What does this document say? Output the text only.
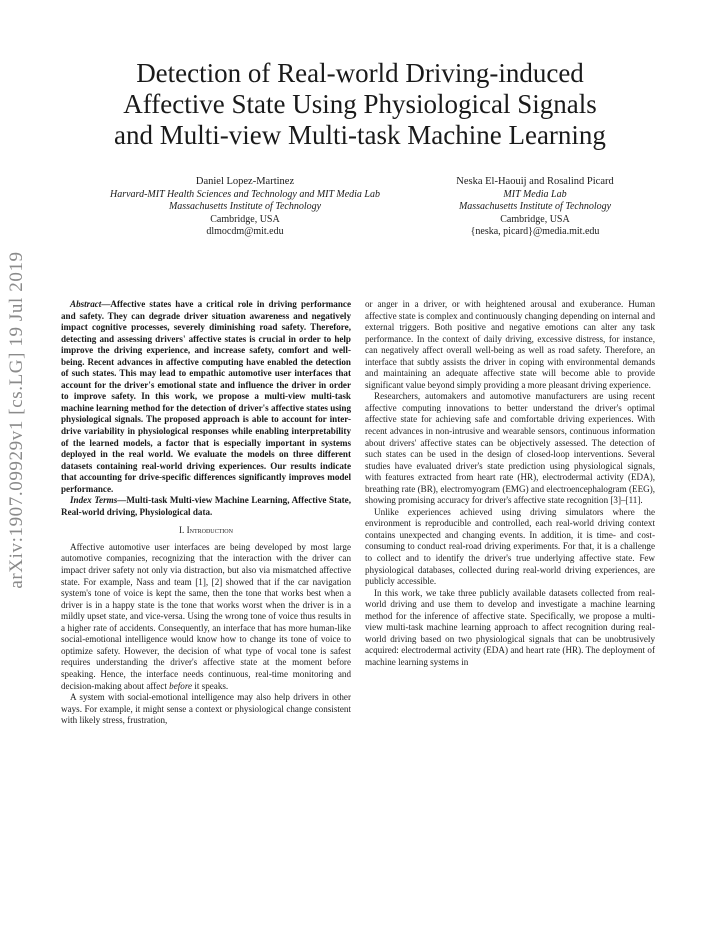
Detection of Real-world Driving-induced
Affective State Using Physiological Signals
and Multi-view Multi-task Machine Learning
Daniel Lopez-Martinez
Harvard-MIT Health Sciences and Technology and MIT Media Lab
Massachusetts Institute of Technology
Cambridge, USA
dlmocdm@mit.edu
Neska El-Haouij and Rosalind Picard
MIT Media Lab
Massachusetts Institute of Technology
Cambridge, USA
{neska, picard}@media.mit.edu
arXiv:1907.09929v1 [cs.LG] 19 Jul 2019	Abstract—Affective states have a critical role in driving performance and safety. They can degrade driver situation awareness and negatively impact cognitive processes, severely diminishing road safety. Therefore, detecting and assessing drivers' affective states is crucial in order to help improve the driving experience, and increase safety, comfort and well-being. Recent advances in affective computing have enabled the detection of such states. This may lead to empathic automotive user interfaces that account for the driver's emotional state and influence the driver in order to improve safety. In this work, we propose a multi-view multi-task machine learning method for the detection of driver's affective states using physiological signals. The proposed approach is able to account for inter-drive variability in physiological responses while enabling interpretability of the learned models, a factor that is especially important in systems deployed in the real world. We evaluate the models on three different datasets containing real-world driving experiences. Our results indicate that accounting for drive-specific differences significantly improves model performance.

Index Terms—Multi-task Multi-view Machine Learning, Affective State, Real-world driving, Physiological data.

I. Introduction

Affective automotive user interfaces are being developed by most large automotive companies, recognizing that the interaction with the driver can impact driver safety not only via distraction, but also via mismatched affective state. For example, Nass and team [1], [2] showed that if the car navigation system's tone of voice is kept the same, then the tone that works best when a driver is in a happy state is the tone that works worst when the driver is in a mildly upset state, and vice-versa. Using the wrong tone of voice thus results in a higher rate of accidents. Consequently, an interface that has more human-like social-emotional intelligence would know how to change its tone of voice to optimize safety. However, the decision of what type of vocal tone is safest requires understanding the driver's affective state at the moment before speaking. Hence, the interface needs continuous, real-time monitoring and decision-making about affect before it speaks.

A system with social-emotional intelligence may also help drivers in other ways. For example, it might sense a context or physiological change consistent with likely stress, frustration,

or anger in a driver, or with heightened arousal and exuberance. Human affective state is complex and continuously changing depending on internal and external triggers. Both positive and negative emotions can alter any task performance. In the context of daily driving, excessive distress, for instance, can negatively affect overall well-being as well as road safety. Therefore, an interface that subtly assists the driver in coping with environmental demands and maintaining an adequate affective state will become able to provide significant value beyond simply providing a more pleasant driving experience.

Researchers, automakers and automotive manufacturers are using recent affective computing innovations to better understand the driver's optimal affective state for achieving safe and comfortable driving experiences. With recent advances in non-intrusive and wearable sensors, continuous information about drivers' affective states can be objectively assessed. The detection of such states can be used in the design of closed-loop interventions. Several studies have evaluated driver's state prediction using physiological signals, with features extracted from heart rate (HR), electrodermal activity (EDA), breathing rate (BR), electromyogram (EMG) and electroencephalogram (EEG), showing promising accuracy for driver's affective state recognition [3]–[11].

Unlike experiences achieved using driving simulators where the environment is reproducible and controlled, each real-world driving context contains unexpected and changing events. In addition, it is time- and cost-consuming to conduct real-road driving experiments. For that, it is a challenge to collect and to identify the driver's true underlying affective state. Few physiological databases, collected during real-world driving experiences, are publicly accessible.

In this work, we take three publicly available datasets collected from real-world driving and use them to develop and investigate a machine learning method for the inference of affective state. Specifically, we propose a multi-view multi-task machine learning approach to affect recognition during real-world driving based on two physiological signals that can be unobtrusively acquired: electrodermal activity (EDA) and heart rate (HR). The deployment of machine learning systems in
